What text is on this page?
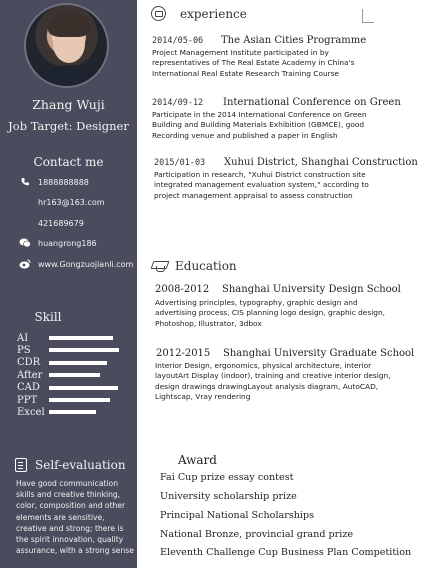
Zhang Wuji
Job Target: Designer
Contact me
1888888888
hr163@163.com
421689679
huangrong186
www.Gongzuojianli.com
Skill
AI
PS
CDR
After
CAD
PPT
Excel
Self-evaluation
Have good communication skills and creative thinking, color, composition and other elements are sensitive, creative and strong; there is the spirit innovation, quality assurance, with a strong sense
experience
2014/05-06	The Asian Cities Programme
Project Management Institute participated in by representatives of The Real Estate Academy in China's International Real Estate Research Training Course
2014/09-12	International Conference on Green
Participate in the 2014 International Conference on Green Building and Building Materials Exhibition (GBMCE), good Recording venue and published a paper in English
2015/01-03	Xuhui District, Shanghai Construction
Participation in research, "Xuhui District construction site integrated management evaluation system," according to project management appraisal to assess construction
Education
2008-2012	Shanghai University Design School
Advertising principles, typography, graphic design and advertising process, CIS planning logo design, graphic design, Photoshop, Illustrator, 3dbox
2012-2015	Shanghai University Graduate School
Interior Design, ergonomics, physical architecture, interior layoutArt Display (indoor), training and creative interior design, design drawings drawingLayout analysis diagram, AutoCAD, Lightscap, Vray rendering
Award
Fai Cup prize essay contest
University scholarship prize
Principal National Scholarships
National Bronze, provincial grand prize
Eleventh Challenge Cup Business Plan Competition
